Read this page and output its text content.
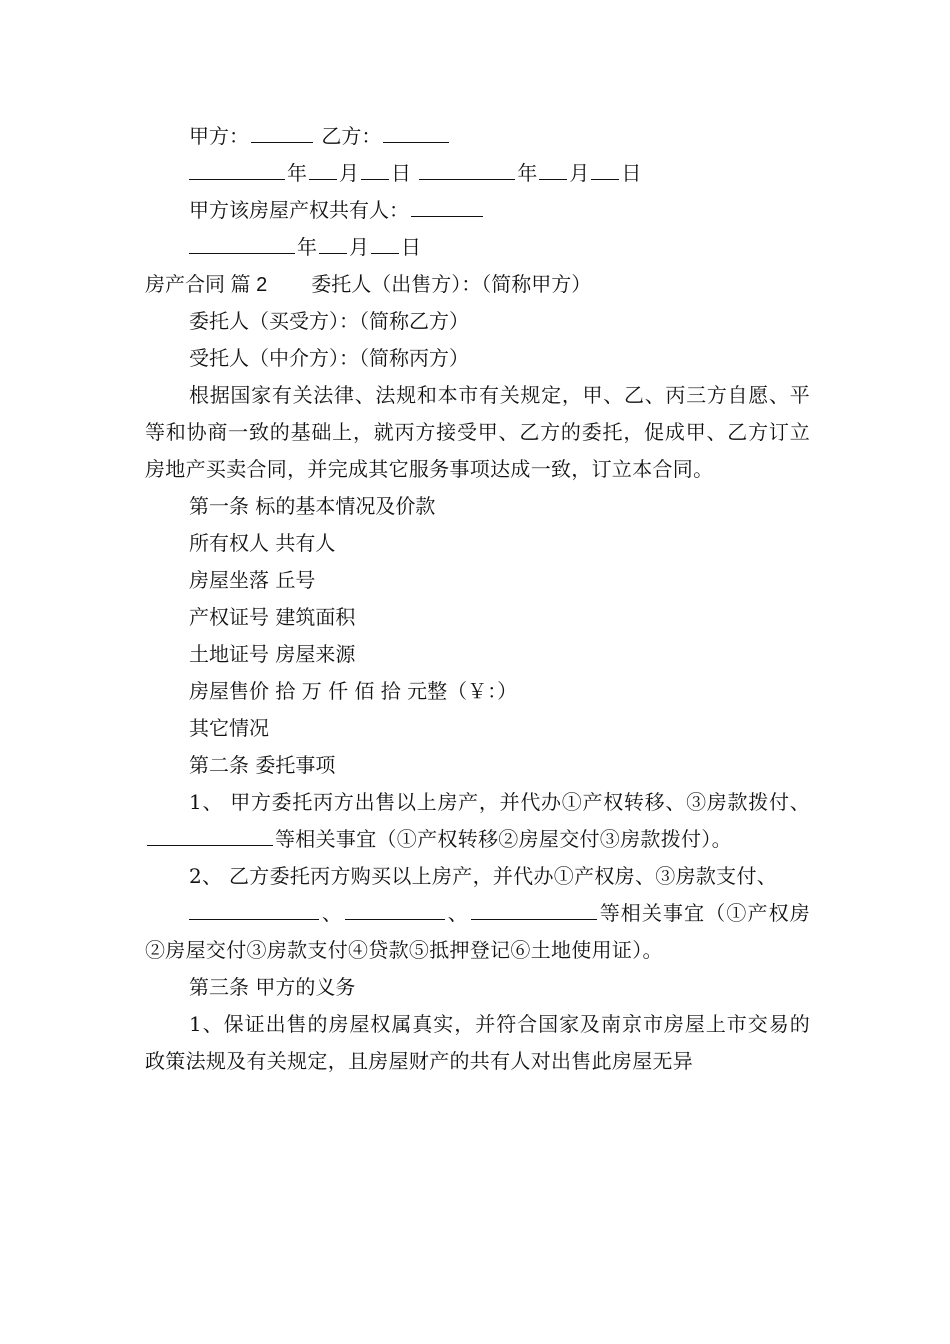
甲方：	乙方：

年 月 日	年 月 日

甲方该房屋产权共有人：

年 月 日

房产合同 篇 2 委托人（出售方）：（简称甲方）

委托人（买受方）：（简称乙方）

受托人（中介方）：（简称丙方）

根据国家有关法律、法规和本市有关规定，甲、乙、丙三方自愿、平等和协商一致的基础上，就丙方接受甲、乙方的委托，促成甲、乙方订立房地产买卖合同，并完成其它服务事项达成一致，订立本合同。

第一条 标的基本情况及价款

所有权人 共有人

房屋坐落 丘号

产权证号 建筑面积

土地证号 房屋来源

房屋售价 拾 万 仟 佰 拾 元整（￥：）

其它情况

第二条 委托事项

1、 甲方委托丙方出售以上房产，并代办①产权转移、③房款拨付、等相关事宜（①产权转移②房屋交付③房款拨付）。

2、 乙方委托丙方购买以上房产，并代办①产权房、③房款支付、

、	、	等相关事宜（①产权房②房屋交付③房款支付④贷款⑤抵押登记⑥土地使用证）。

第三条 甲方的义务

1、保证出售的房屋权属真实，并符合国家及南京市房屋上市交易的政策法规及有关规定，且房屋财产的共有人对出售此房屋无异
